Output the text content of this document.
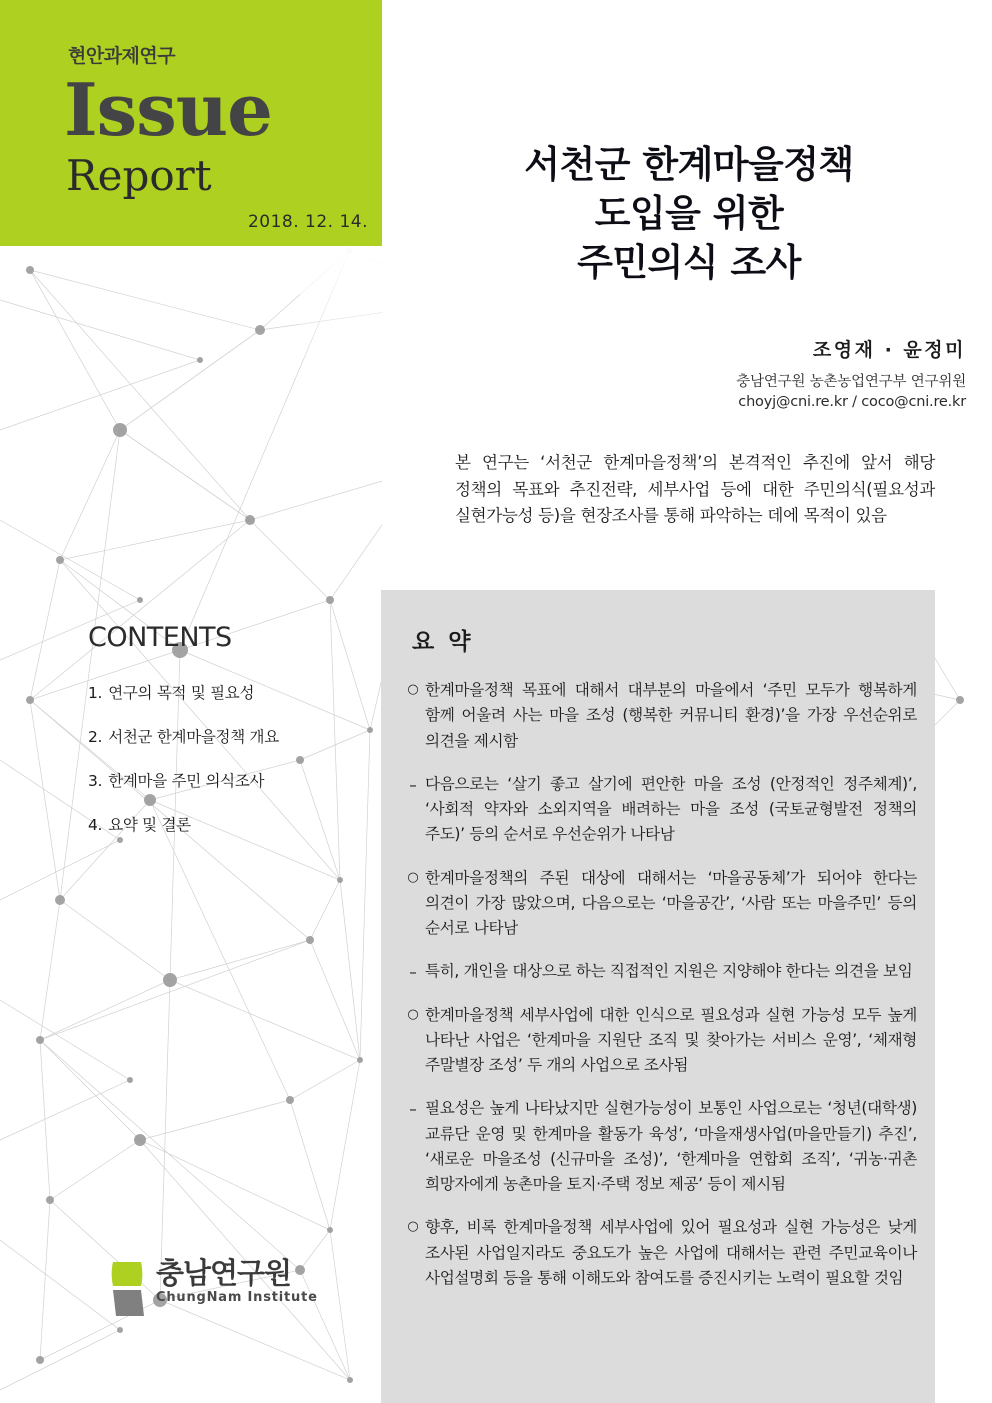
현안과제연구
Issue
Report
2018. 12. 14.
서천군 한계마을정책
도입을 위한
주민의식 조사
조영재 · 윤정미
충남연구원 농촌농업연구부 연구위원
choyj@cni.re.kr / coco@cni.re.kr
본 연구는 ‘서천군 한계마을정책’의 본격적인 추진에 앞서 해당 정책의 목표와 추진전략, 세부사업 등에 대한 주민의식(필요성과 실현가능성 등)을 현장조사를 통해 파악하는 데에 목적이 있음
CONTENTS
1. 연구의 목적 및 필요성
2. 서천군 한계마을정책 개요
3. 한계마을 주민 의식조사
4. 요약 및 결론
충남연구원
ChungNam Institute
요 약
○ 한계마을정책 목표에 대해서 대부분의 마을에서 ‘주민 모두가 행복하게 함께 어울려 사는 마을 조성 (행복한 커뮤니티 환경)’을 가장 우선순위로 의견을 제시함
– 다음으로는 ‘살기 좋고 살기에 편안한 마을 조성 (안정적인 정주체계)’, ‘사회적 약자와 소외지역을 배려하는 마을 조성 (국토균형발전 정책의 주도)’ 등의 순서로 우선순위가 나타남
○ 한계마을정책의 주된 대상에 대해서는 ‘마을공동체’가 되어야 한다는 의견이 가장 많았으며, 다음으로는 ‘마을공간’, ‘사람 또는 마을주민’ 등의 순서로 나타남
– 특히, 개인을 대상으로 하는 직접적인 지원은 지양해야 한다는 의견을 보임
○ 한계마을정책 세부사업에 대한 인식으로 필요성과 실현 가능성 모두 높게 나타난 사업은 ‘한계마을 지원단 조직 및 찾아가는 서비스 운영’, ‘체재형 주말별장 조성’ 두 개의 사업으로 조사됨
– 필요성은 높게 나타났지만 실현가능성이 보통인 사업으로는 ‘청년(대학생) 교류단 운영 및 한계마을 활동가 육성’, ‘마을재생사업(마을만들기) 추진’, ‘새로운 마을조성 (신규마을 조성)’, ‘한계마을 연합회 조직’, ‘귀농·귀촌 희망자에게 농촌마을 토지·주택 정보 제공’ 등이 제시됨
○ 향후, 비록 한계마을정책 세부사업에 있어 필요성과 실현 가능성은 낮게 조사된 사업일지라도 중요도가 높은 사업에 대해서는 관련 주민교육이나 사업설명회 등을 통해 이해도와 참여도를 증진시키는 노력이 필요할 것임
